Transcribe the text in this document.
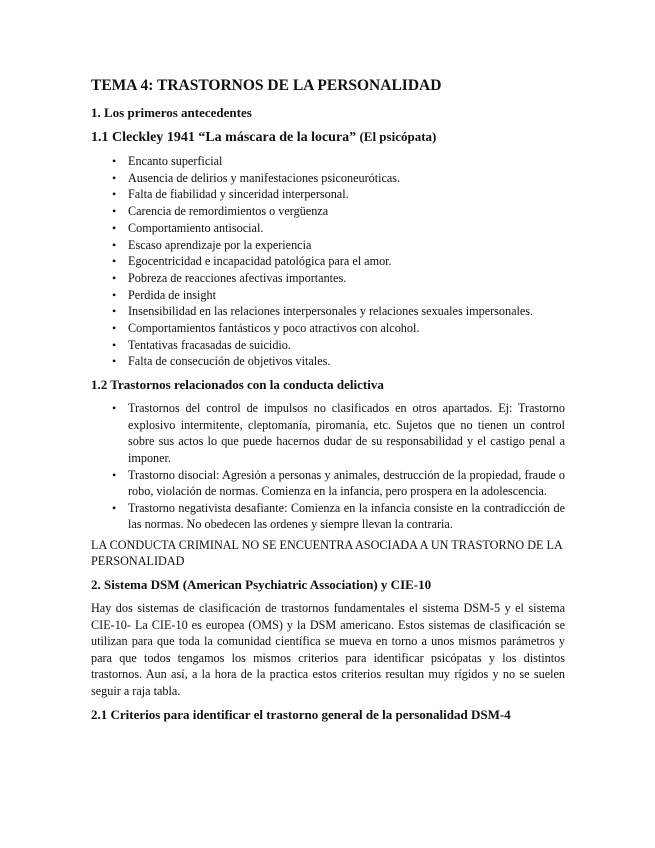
TEMA 4: TRASTORNOS DE LA PERSONALIDAD
1. Los primeros antecedentes
1.1 Cleckley 1941 “La máscara de la locura” (El psicópata)
• Encanto superficial
• Ausencia de delirios y manifestaciones psiconeuróticas.
• Falta de fiabilidad y sinceridad interpersonal.
• Carencia de remordimientos o vergüenza
• Comportamiento antisocial.
• Escaso aprendizaje por la experiencia
• Egocentricidad e incapacidad patológica para el amor.
• Pobreza de reacciones afectivas importantes.
• Perdida de insight
• Insensibilidad en las relaciones interpersonales y relaciones sexuales impersonales.
• Comportamientos fantásticos y poco atractivos con alcohol.
• Tentativas fracasadas de suicidio.
• Falta de consecución de objetivos vitales.
1.2 Trastornos relacionados con la conducta delictiva
• Trastornos del control de impulsos no clasificados en otros apartados. Ej: Trastorno explosivo intermitente, cleptomanía, piromanía, etc. Sujetos que no tienen un control sobre sus actos lo que puede hacernos dudar de su responsabilidad y el castigo penal a imponer.
• Trastorno disocial: Agresión a personas y animales, destrucción de la propiedad, fraude o robo, violación de normas. Comienza en la infancia, pero prospera en la adolescencia.
• Trastorno negativista desafiante: Comienza en la infancia consiste en la contradicción de las normas. No obedecen las ordenes y siempre llevan la contraria.

LA CONDUCTA CRIMINAL NO SE ENCUENTRA ASOCIADA A UN TRASTORNO DE LA PERSONALIDAD

2. Sistema DSM (American Psychiatric Association) y CIE-10

Hay dos sistemas de clasificación de trastornos fundamentales el sistema DSM-5 y el sistema CIE-10- La CIE-10 es europea (OMS) y la DSM americano. Estos sistemas de clasificación se utilizan para que toda la comunidad científica se mueva en torno a unos mismos parámetros y para que todos tengamos los mismos criterios para identificar psicópatas y los distintos trastornos. Aun así, a la hora de la practica estos criterios resultan muy rígidos y no se suelen seguir a raja tabla.

2.1 Criterios para identificar el trastorno general de la personalidad DSM-4
